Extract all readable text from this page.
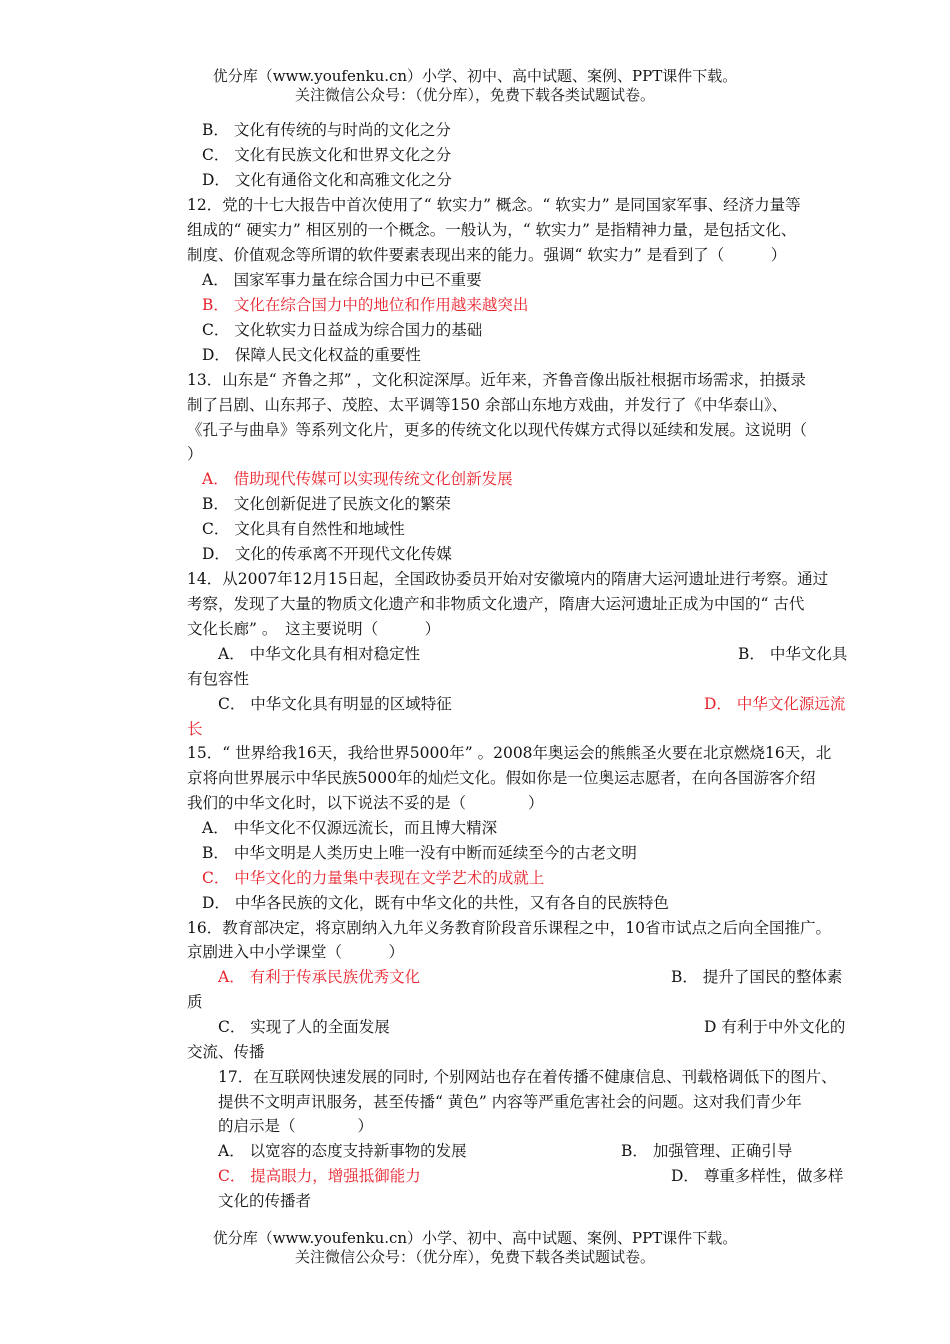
优分库（www.youfenku.cn）小学、初中、高中试题、案例、PPT课件下载。
关注微信公众号：（优分库），免费下载各类试题试卷。
B． 文化有传统的与时尚的文化之分
C． 文化有民族文化和世界文化之分
D． 文化有通俗文化和高雅文化之分
12．党的十七大报告中首次使用了“ 软实力” 概念。“ 软实力” 是同国家军事、经济力量等
组成的“ 硬实力” 相区别的一个概念。一般认为，“ 软实力” 是指精神力量，是包括文化、
制度、价值观念等所谓的软件要素表现出来的能力。强调“ 软实力” 是看到了（　　　）
A． 国家军事力量在综合国力中已不重要
B． 文化在综合国力中的地位和作用越来越突出
C． 文化软实力日益成为综合国力的基础
D． 保障人民文化权益的重要性
13．山东是“ 齐鲁之邦” ，文化积淀深厚。近年来，齐鲁音像出版社根据市场需求，拍摄录
制了吕剧、山东邦子、茂腔、太平调等150 余部山东地方戏曲，并发行了《中华泰山》、
《孔子与曲阜》等系列文化片，更多的传统文化以现代传媒方式得以延续和发展。这说明（
）
A． 借助现代传媒可以实现传统文化创新发展
B． 文化创新促进了民族文化的繁荣
C． 文化具有自然性和地域性
D． 文化的传承离不开现代文化传媒
14．从2007年12月15日起，全国政协委员开始对安徽境内的隋唐大运河遗址进行考察。通过
考察，发现了大量的物质文化遗产和非物质文化遗产，隋唐大运河遗址正成为中国的“ 古代
文化长廊” 。　这主要说明（　　　）
A． 中华文化具有相对稳定性	B． 中华文化具
有包容性
C． 中华文化具有明显的区域特征	D． 中华文化源远流
长
15．“ 世界给我16天，我给世界5000年” 。2008年奥运会的熊熊圣火要在北京燃烧16天，北
京将向世界展示中华民族5000年的灿烂文化。假如你是一位奥运志愿者，在向各国游客介绍
我们的中华文化时，以下说法不妥的是（　　　　）
A． 中华文化不仅源远流长，而且博大精深
B． 中华文明是人类历史上唯一没有中断而延续至今的古老文明
C． 中华文化的力量集中表现在文学艺术的成就上
D． 中华各民族的文化，既有中华文化的共性，又有各自的民族特色
16．教育部决定，将京剧纳入九年义务教育阶段音乐课程之中，10省市试点之后向全国推广。
京剧进入中小学课堂（　　　）
A． 有利于传承民族优秀文化	B． 提升了国民的整体素
质
C． 实现了人的全面发展	D 有利于中外文化的
交流、传播
17．在互联网快速发展的同时, 个别网站也存在着传播不健康信息、刊载格调低下的图片、
提供不文明声讯服务，甚至传播“ 黄色” 内容等严重危害社会的问题。这对我们青少年
的启示是（　　　　）
A． 以宽容的态度支持新事物的发展	B． 加强管理、正确引导
C． 提高眼力，增强抵御能力	D． 尊重多样性，做多样
文化的传播者
优分库（www.youfenku.cn）小学、初中、高中试题、案例、PPT课件下载。
关注微信公众号：（优分库），免费下载各类试题试卷。
